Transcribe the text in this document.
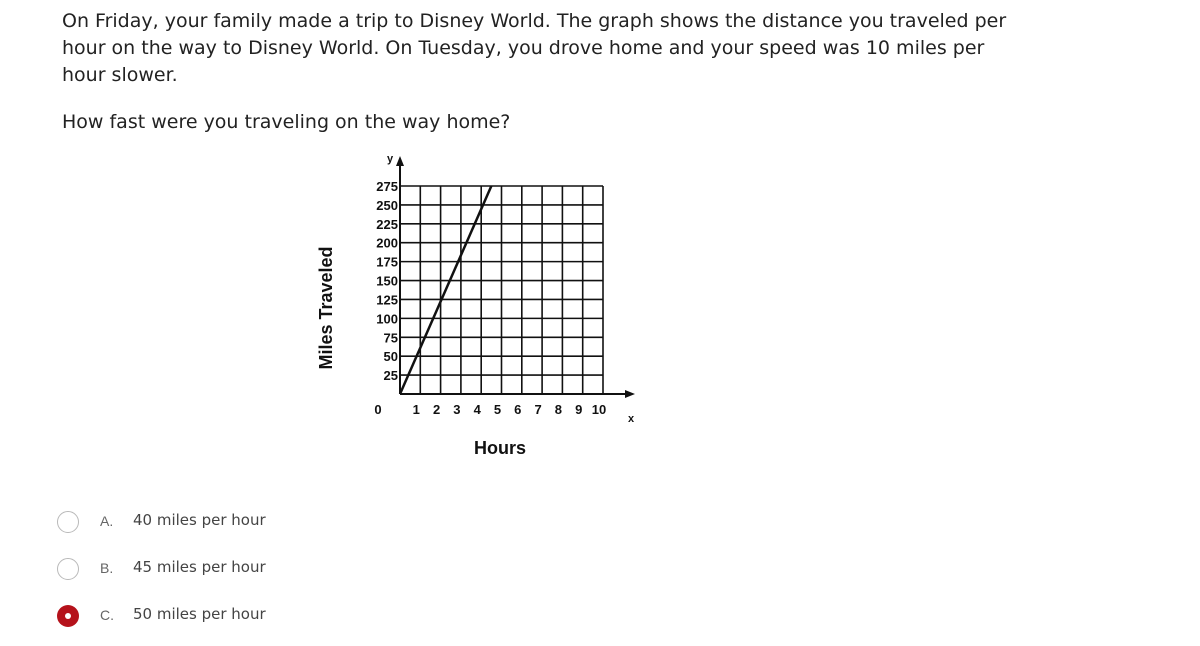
On Friday, your family made a trip to Disney World. The graph shows the distance you traveled per hour on the way to Disney World. On Tuesday, you drove home and your speed was 10 miles per hour slower.
How fast were you traveling on the way home?
25
50
75
100
125
150
175
200
225
250
275
1 2 3 4 5 6 7 8 9 10
0
x
y
Hours
Miles Traveled
A. 40 miles per hour
B. 45 miles per hour
C. 50 miles per hour
